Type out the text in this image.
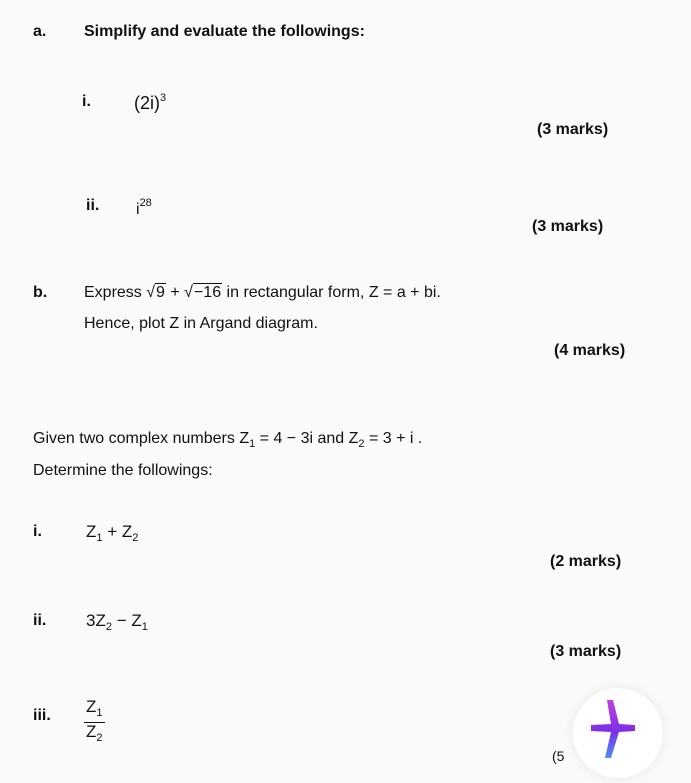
a. Simplify and evaluate the followings:
i. $(2i)^3$
(3 marks)
ii. $i^{28}$
(3 marks)
b. Express √9 + √−16 in rectangular form, Z = a + bi.
Hence, plot Z in Argand diagram.
(4 marks)
Given two complex numbers $Z_1 = 4 - 3i$ and $Z_2 = 3 + i$ .
Determine the followings:
i.	$Z_1 + Z_2$
(2 marks)
ii. $3Z_2 - Z_1$
(3 marks)
iii. $\frac{Z_1}{Z_2}$
(5
